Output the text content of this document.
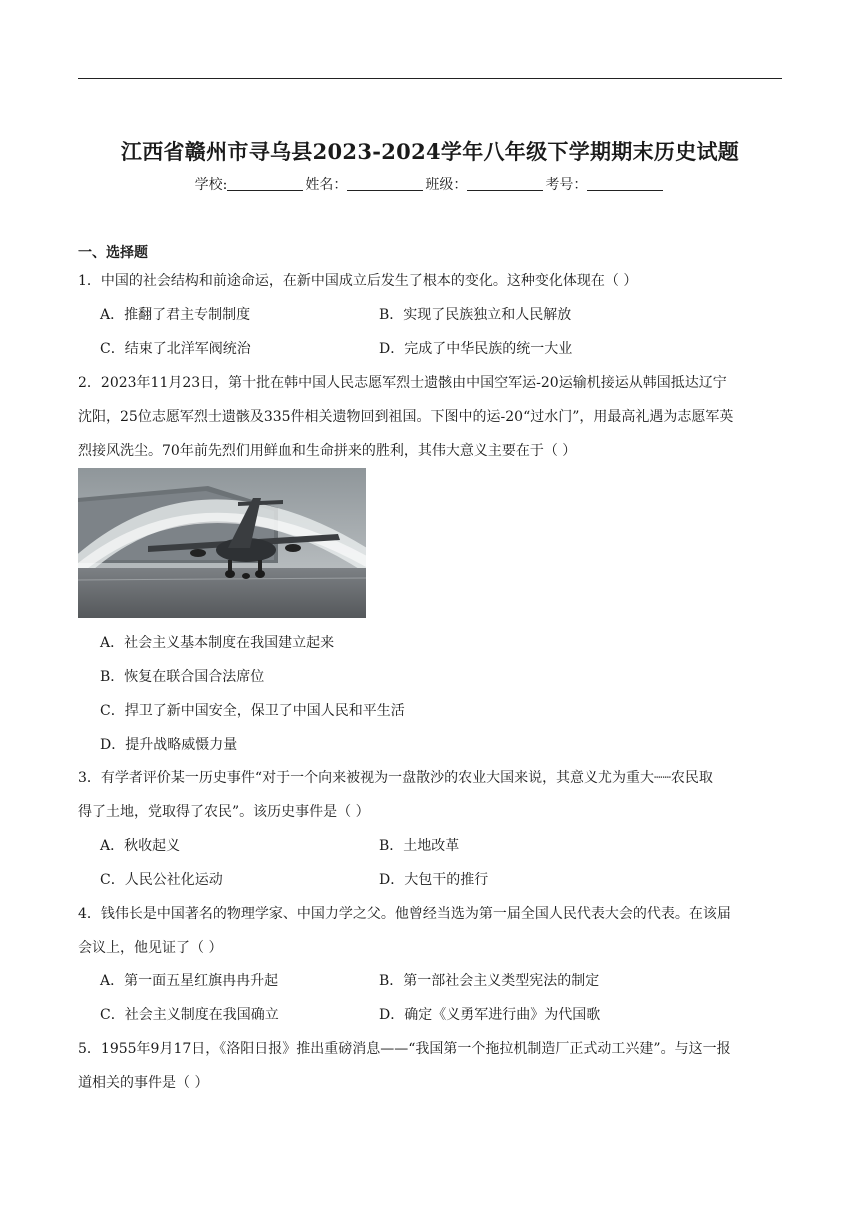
江西省赣州市寻乌县2023-2024学年八年级下学期期末历史试题
学校:	姓名：	班级：	考号：
一、选择题
1．中国的社会结构和前途命运，在新中国成立后发生了根本的变化。这种变化体现在（ ）
A．推翻了君主专制制度	B．实现了民族独立和人民解放
C．结束了北洋军阀统治	D．完成了中华民族的统一大业
2．2023年11月23日，第十批在韩中国人民志愿军烈士遗骸由中国空军运-20运输机接运从韩国抵达辽宁
沈阳，25位志愿军烈士遗骸及335件相关遗物回到祖国。下图中的运-20“过水门”，用最高礼遇为志愿军英
烈接风洗尘。70年前先烈们用鲜血和生命拼来的胜利，其伟大意义主要在于（ ）
A．社会主义基本制度在我国建立起来
B．恢复在联合国合法席位
C．捍卫了新中国安全，保卫了中国人民和平生活
D．提升战略威慑力量
3．有学者评价某一历史事件“对于一个向来被视为一盘散沙的农业大国来说，其意义尤为重大┈┈农民取
得了土地，党取得了农民”。该历史事件是（ ）
A．秋收起义	B．土地改革
C．人民公社化运动	D．大包干的推行
4．钱伟长是中国著名的物理学家、中国力学之父。他曾经当选为第一届全国人民代表大会的代表。在该届
会议上，他见证了（ ）
A．第一面五星红旗冉冉升起	B．第一部社会主义类型宪法的制定
C．社会主义制度在我国确立	D．确定《义勇军进行曲》为代国歌
5．1955年9月17日，《洛阳日报》推出重磅消息——“我国第一个拖拉机制造厂正式动工兴建”。与这一报
道相关的事件是（ ）
